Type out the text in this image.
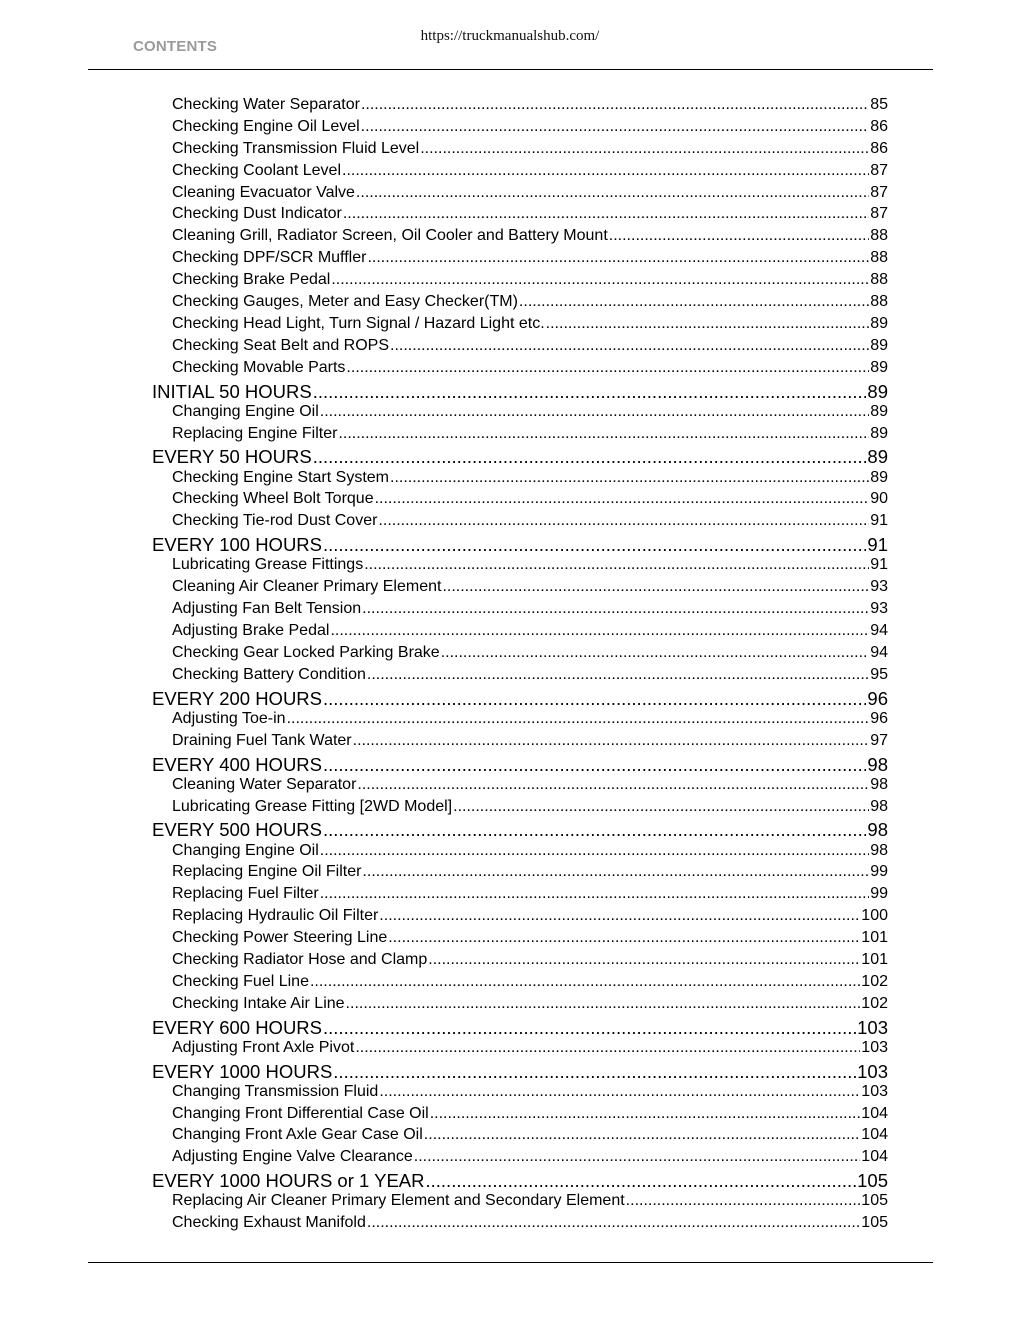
https://truckmanualshub.com/
CONTENTS
Checking Water Separator .....	85
Checking Engine Oil Level .....	86
Checking Transmission Fluid Level .....	86
Checking Coolant Level .....	87
Cleaning Evacuator Valve .....	87
Checking Dust Indicator .....	87
Cleaning Grill, Radiator Screen, Oil Cooler and Battery Mount .....	88
Checking DPF/SCR Muffler .....	88
Checking Brake Pedal .....	88
Checking Gauges, Meter and Easy Checker(TM) .....	88
Checking Head Light, Turn Signal / Hazard Light etc. .....	89
Checking Seat Belt and ROPS .....	89
Checking Movable Parts .....	89
INITIAL 50 HOURS .....	89
Changing Engine Oil .....	89
Replacing Engine Filter .....	89
EVERY 50 HOURS .....	89
Checking Engine Start System .....	89
Checking Wheel Bolt Torque .....	90
Checking Tie-rod Dust Cover .....	91
EVERY 100 HOURS .....	91
Lubricating Grease Fittings .....	91
Cleaning Air Cleaner Primary Element .....	93
Adjusting Fan Belt Tension .....	93
Adjusting Brake Pedal .....	94
Checking Gear Locked Parking Brake .....	94
Checking Battery Condition .....	95
EVERY 200 HOURS .....	96
Adjusting Toe-in .....	96
Draining Fuel Tank Water .....	97
EVERY 400 HOURS .....	98
Cleaning Water Separator .....	98
Lubricating Grease Fitting [2WD Model] .....	98
EVERY 500 HOURS .....	98
Changing Engine Oil .....	98
Replacing Engine Oil Filter .....	99
Replacing Fuel Filter .....	99
Replacing Hydraulic Oil Filter .....	100
Checking Power Steering Line .....	101
Checking Radiator Hose and Clamp .....	101
Checking Fuel Line .....	102
Checking Intake Air Line .....	102
EVERY 600 HOURS .....	103
Adjusting Front Axle Pivot .....	103
EVERY 1000 HOURS .....	103
Changing Transmission Fluid .....	103
Changing Front Differential Case Oil .....	104
Changing Front Axle Gear Case Oil .....	104
Adjusting Engine Valve Clearance .....	104
EVERY 1000 HOURS or 1 YEAR .....	105
Replacing Air Cleaner Primary Element and Secondary Element .....	105
Checking Exhaust Manifold .....	105
